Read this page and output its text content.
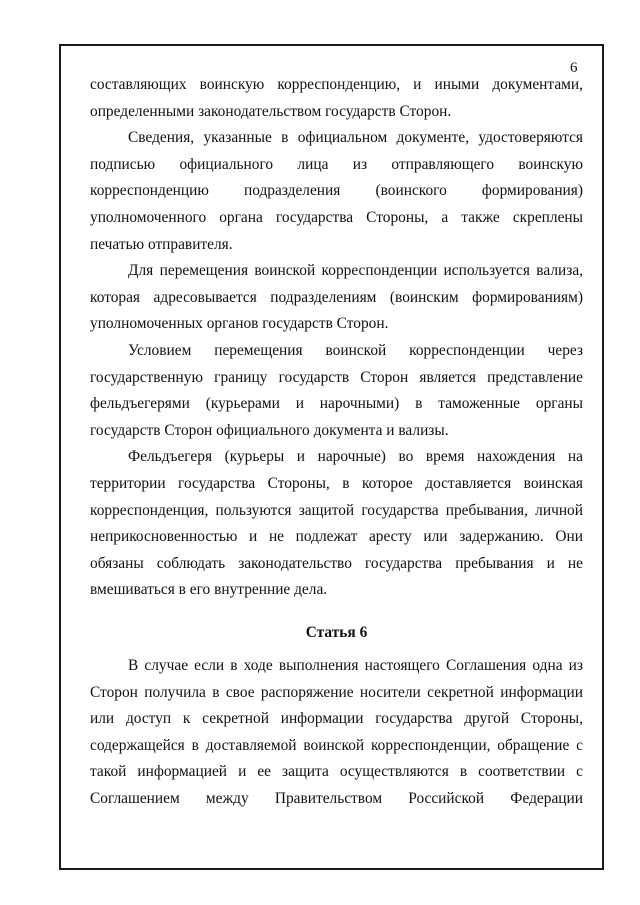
6

составляющих воинскую корреспонденцию, и иными документами, определенными законодательством государств Сторон.

Сведения, указанные в официальном документе, удостоверяются подписью официального лица из отправляющего воинскую корреспонденцию подразделения (воинского формирования) уполномоченного органа государства Стороны, а также скреплены печатью отправителя.

Для перемещения воинской корреспонденции используется вализа, которая адресовывается подразделениям (воинским формированиям) уполномоченных органов государств Сторон.

Условием перемещения воинской корреспонденции через государственную границу государств Сторон является представление фельдъегерями (курьерами и нарочными) в таможенные органы государств Сторон официального документа и вализы.

Фельдъегеря (курьеры и нарочные) во время нахождения на территории государства Стороны, в которое доставляется воинская корреспонденция, пользуются защитой государства пребывания, личной неприкосновенностью и не подлежат аресту или задержанию. Они обязаны соблюдать законодательство государства пребывания и не вмешиваться в его внутренние дела.

Статья 6

В случае если в ходе выполнения настоящего Соглашения одна из Сторон получила в свое распоряжение носители секретной информации или доступ к секретной информации государства другой Стороны, содержащейся в доставляемой воинской корреспонденции, обращение с такой информацией и ее защита осуществляются в соответствии с Соглашением между Правительством Российской Федерации
